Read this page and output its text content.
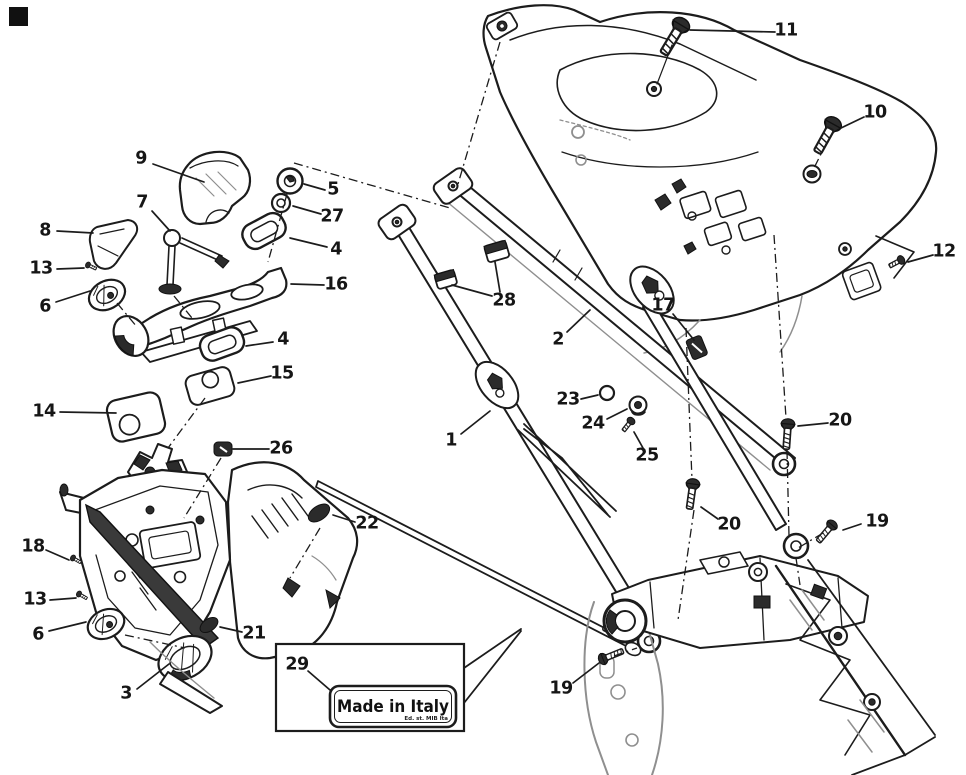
Made in Italy
Ed. st. MIB Ita
9
7
8
13
6
5
27
4
16
4
15
14
26
22
18
13
6
3
21
29
28
2
17
1
23
24
25
11
10
12
20
20	19
19
